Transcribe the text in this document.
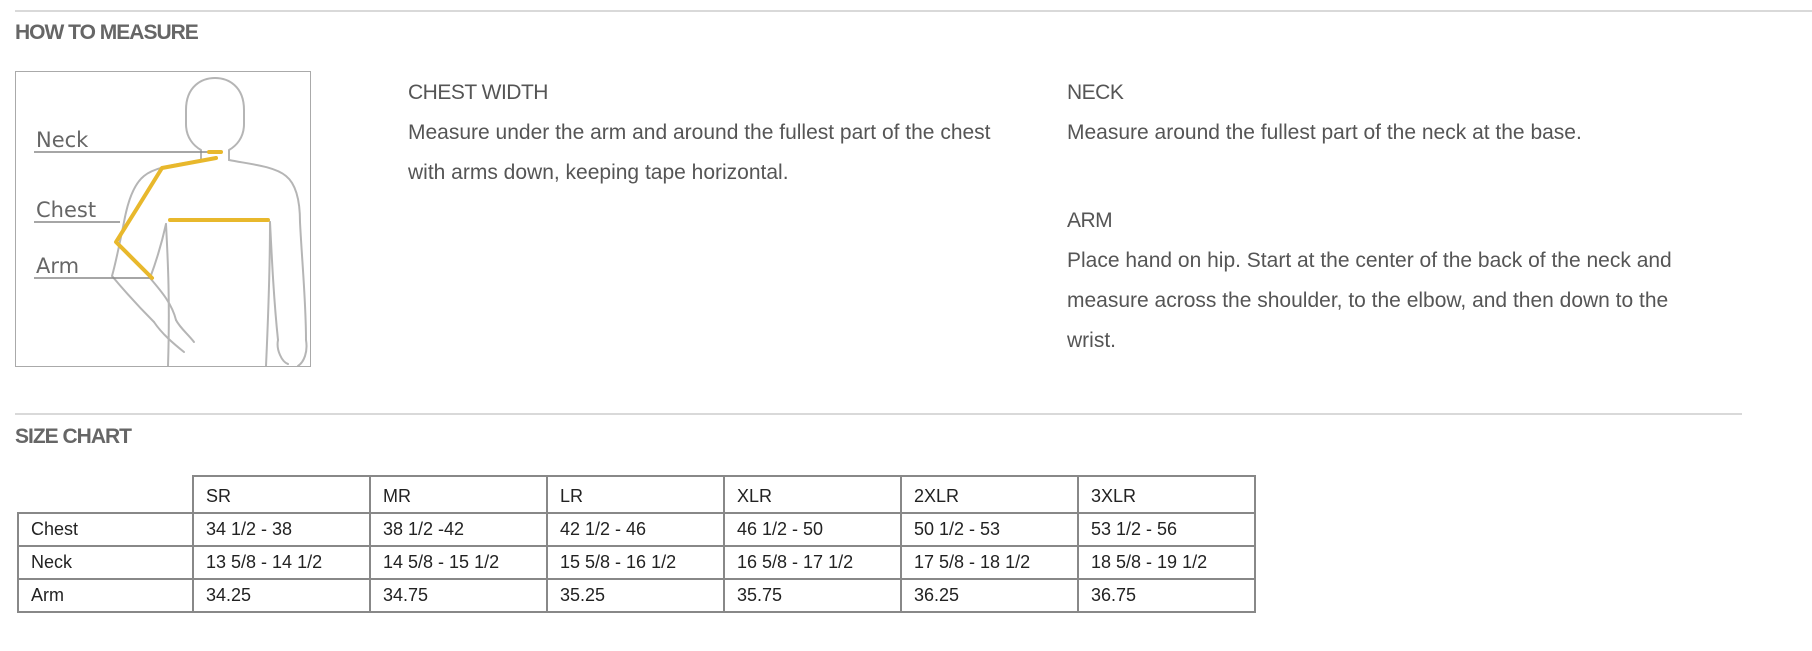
HOW TO MEASURE
Neck
Chest
Arm
CHEST WIDTH

Measure under the arm and around the fullest part of the chest with arms down, keeping tape horizontal.

NECK

Measure around the fullest part of the neck at the base.

ARM

Place hand on hip. Start at the center of the back of the neck and measure across the shoulder, to the elbow, and then down to the wrist.

SIZE CHART
	SR	MR	LR	XLR	2XLR	3XLR
Chest	34 1/2 - 38	38 1/2 -42	42 1/2 - 46	46 1/2 - 50	50 1/2 - 53	53 1/2 - 56
Neck	13 5/8 - 14 1/2	14 5/8 - 15 1/2	15 5/8 - 16 1/2	16 5/8 - 17 1/2	17 5/8 - 18 1/2	18 5/8 - 19 1/2
Arm	34.25	34.75	35.25	35.75	36.25	36.75
